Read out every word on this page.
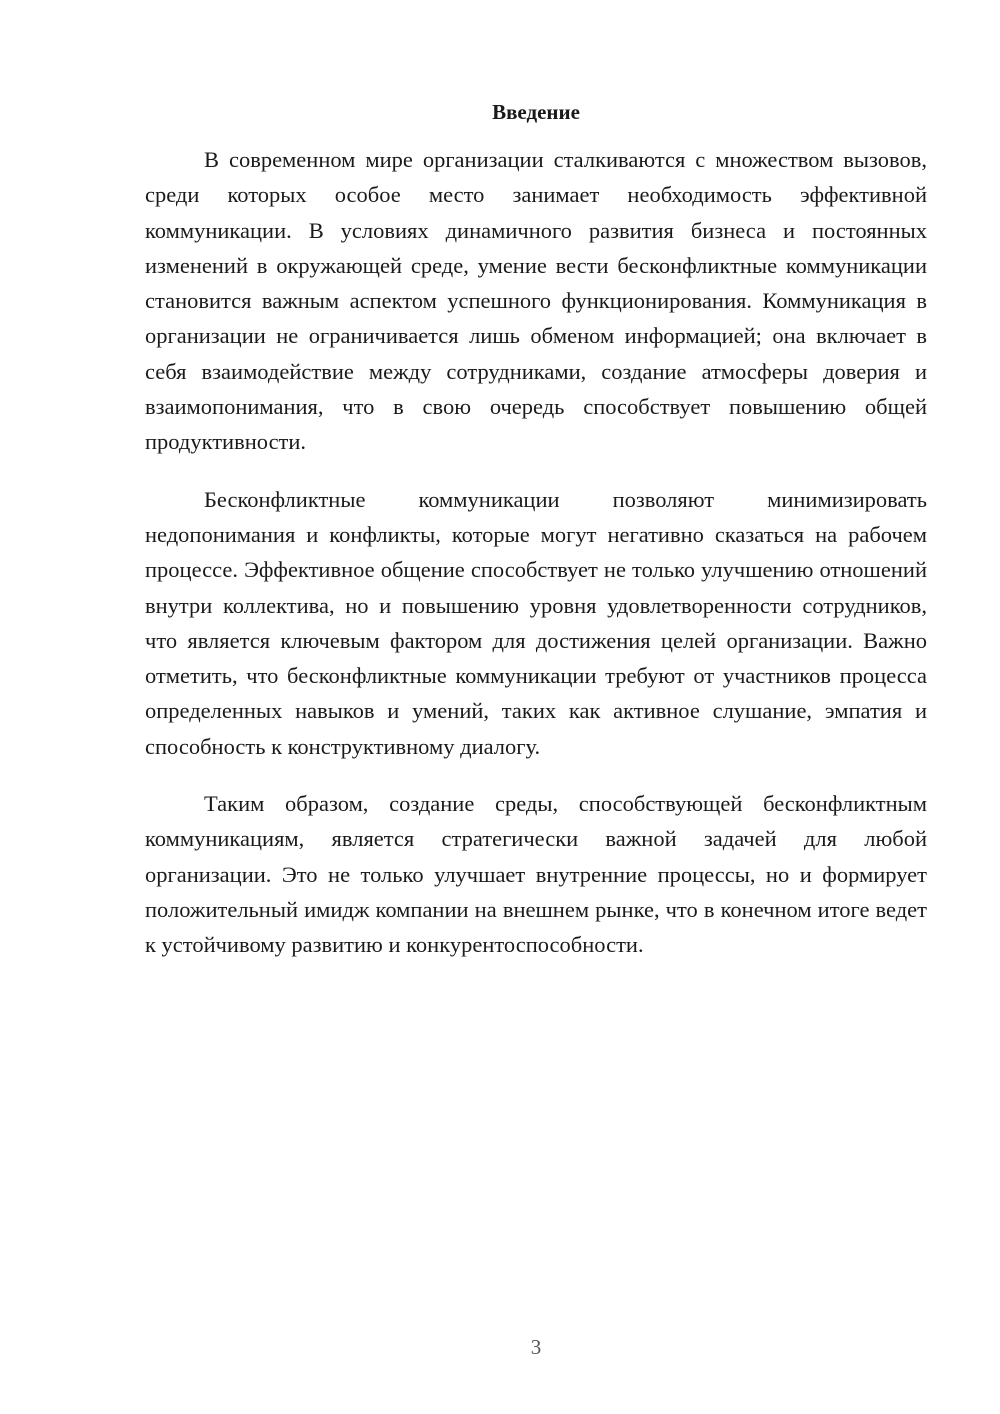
Введение

В современном мире организации сталкиваются с множеством вызовов, среди которых особое место занимает необходимость эффективной коммуникации. В условиях динамичного развития бизнеса и постоянных изменений в окружающей среде, умение вести бесконфликтные коммуникации становится важным аспектом успешного функционирования. Коммуникация в организации не ограничивается лишь обменом информацией; она включает в себя взаимодействие между сотрудниками, создание атмосферы доверия и взаимопонимания, что в свою очередь способствует повышению общей продуктивности.

Бесконфликтные коммуникации позволяют минимизировать недопонимания и конфликты, которые могут негативно сказаться на рабочем процессе. Эффективное общение способствует не только улучшению отношений внутри коллектива, но и повышению уровня удовлетворенности сотрудников, что является ключевым фактором для достижения целей организации. Важно отметить, что бесконфликтные коммуникации требуют от участников процесса определенных навыков и умений, таких как активное слушание, эмпатия и способность к конструктивному диалогу.

Таким образом, создание среды, способствующей бесконфликтным коммуникациям, является стратегически важной задачей для любой организации. Это не только улучшает внутренние процессы, но и формирует положительный имидж компании на внешнем рынке, что в конечном итоге ведет к устойчивому развитию и конкурентоспособности.

3
